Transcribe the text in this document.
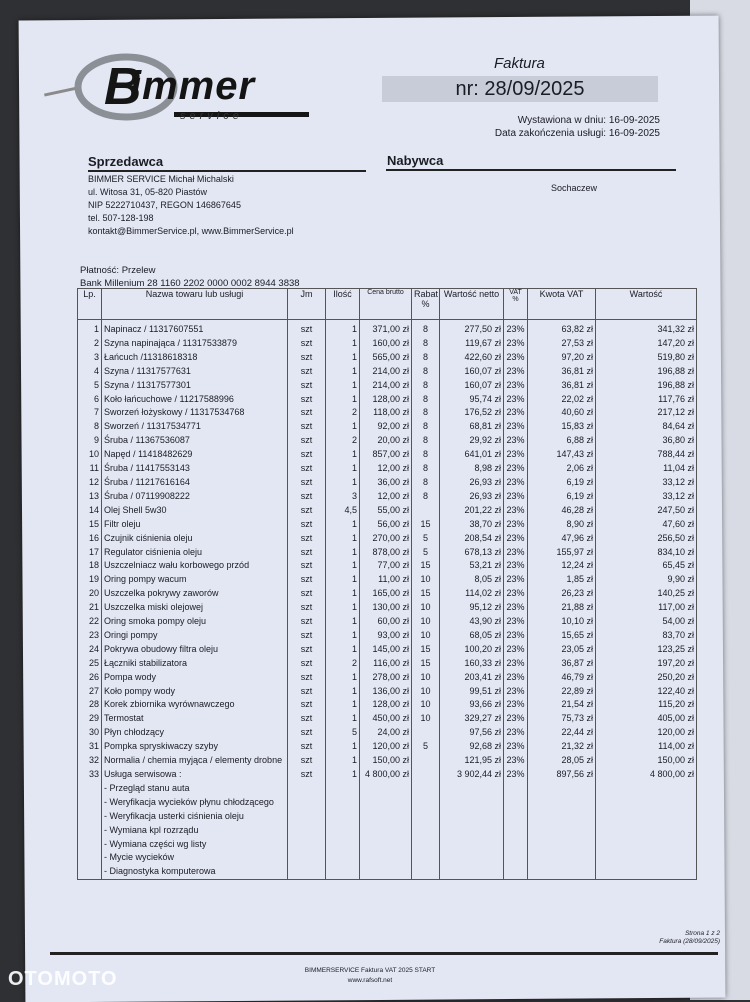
B
immer
service
Faktura
nr: 28/09/2025
Wystawiona w dniu: 16-09-2025
Data zakończenia usługi: 16-09-2025
Sprzedawca	Nabywca
BIMMER SERVICE Michał Michalski
ul. Witosa 31, 05-820 Piastów
NIP 5222710437, REGON 146867645
tel. 507-128-198
kontakt@BimmerService.pl, www.BimmerService.pl
Sochaczew
Płatność: Przelew
Bank Millenium 28 1160 2202 0000 0002 8944 3838
Lp.	Nazwa towaru lub usługi	Jm	Ilość	Cena brutto	Rabat %	Wartość netto	VAT %	Kwota VAT	Wartość
1	Napinacz / 11317607551	szt	1	371,00 zł	8	277,50 zł	23%	63,82 zł	341,32 zł
2	Szyna napinająca / 11317533879	szt	1	160,00 zł	8	119,67 zł	23%	27,53 zł	147,20 zł
3	Łańcuch /11318618318	szt	1	565,00 zł	8	422,60 zł	23%	97,20 zł	519,80 zł
4	Szyna / 11317577631	szt	1	214,00 zł	8	160,07 zł	23%	36,81 zł	196,88 zł
5	Szyna / 11317577301	szt	1	214,00 zł	8	160,07 zł	23%	36,81 zł	196,88 zł
6	Koło łańcuchowe / 11217588996	szt	1	128,00 zł	8	95,74 zł	23%	22,02 zł	117,76 zł
7	Sworzeń łożyskowy / 11317534768	szt	2	118,00 zł	8	176,52 zł	23%	40,60 zł	217,12 zł
8	Sworzeń / 11317534771	szt	1	92,00 zł	8	68,81 zł	23%	15,83 zł	84,64 zł
9	Śruba / 11367536087	szt	2	20,00 zł	8	29,92 zł	23%	6,88 zł	36,80 zł
10	Napęd / 11418482629	szt	1	857,00 zł	8	641,01 zł	23%	147,43 zł	788,44 zł
11	Śruba / 11417553143	szt	1	12,00 zł	8	8,98 zł	23%	2,06 zł	11,04 zł
12	Śruba / 11217616164	szt	1	36,00 zł	8	26,93 zł	23%	6,19 zł	33,12 zł
13	Śruba / 07119908222	szt	3	12,00 zł	8	26,93 zł	23%	6,19 zł	33,12 zł
14	Olej Shell 5w30	szt	4,5	55,00 zł		201,22 zł	23%	46,28 zł	247,50 zł
15	Filtr oleju	szt	1	56,00 zł	15	38,70 zł	23%	8,90 zł	47,60 zł
16	Czujnik ciśnienia oleju	szt	1	270,00 zł	5	208,54 zł	23%	47,96 zł	256,50 zł
17	Regulator ciśnienia oleju	szt	1	878,00 zł	5	678,13 zł	23%	155,97 zł	834,10 zł
18	Uszczelniacz wału korbowego przód	szt	1	77,00 zł	15	53,21 zł	23%	12,24 zł	65,45 zł
19	Oring pompy wacum	szt	1	11,00 zł	10	8,05 zł	23%	1,85 zł	9,90 zł
20	Uszczelka pokrywy zaworów	szt	1	165,00 zł	15	114,02 zł	23%	26,23 zł	140,25 zł
21	Uszczelka miski olejowej	szt	1	130,00 zł	10	95,12 zł	23%	21,88 zł	117,00 zł
22	Oring smoka pompy oleju	szt	1	60,00 zł	10	43,90 zł	23%	10,10 zł	54,00 zł
23	Oringi pompy	szt	1	93,00 zł	10	68,05 zł	23%	15,65 zł	83,70 zł
24	Pokrywa obudowy filtra oleju	szt	1	145,00 zł	15	100,20 zł	23%	23,05 zł	123,25 zł
25	Łączniki stabilizatora	szt	2	116,00 zł	15	160,33 zł	23%	36,87 zł	197,20 zł
26	Pompa wody	szt	1	278,00 zł	10	203,41 zł	23%	46,79 zł	250,20 zł
27	Koło pompy wody	szt	1	136,00 zł	10	99,51 zł	23%	22,89 zł	122,40 zł
28	Korek zbiornika wyrównawczego	szt	1	128,00 zł	10	93,66 zł	23%	21,54 zł	115,20 zł
29	Termostat	szt	1	450,00 zł	10	329,27 zł	23%	75,73 zł	405,00 zł
30	Płyn chłodzący	szt	5	24,00 zł		97,56 zł	23%	22,44 zł	120,00 zł
31	Pompka spryskiwaczy szyby	szt	1	120,00 zł	5	92,68 zł	23%	21,32 zł	114,00 zł
32	Normalia / chemia myjąca / elementy drobne	szt	1	150,00 zł		121,95 zł	23%	28,05 zł	150,00 zł
33	Usługa serwisowa :	szt	1	4 800,00 zł		3 902,44 zł	23%	897,56 zł	4 800,00 zł
	- Przegląd stanu auta								
	- Weryfikacja wycieków płynu chłodzącego								
	- Weryfikacja usterki ciśnienia oleju								
	- Wymiana kpl rozrządu								
	- Wymiana części wg listy								
	- Mycie wycieków								
	- Diagnostyka komputerowa								
Strona 1 z 2
Faktura (28/09/2025)
BIMMERSERVICE Faktura VAT 2025 START
www.rafsoft.net
OTOMOTO
